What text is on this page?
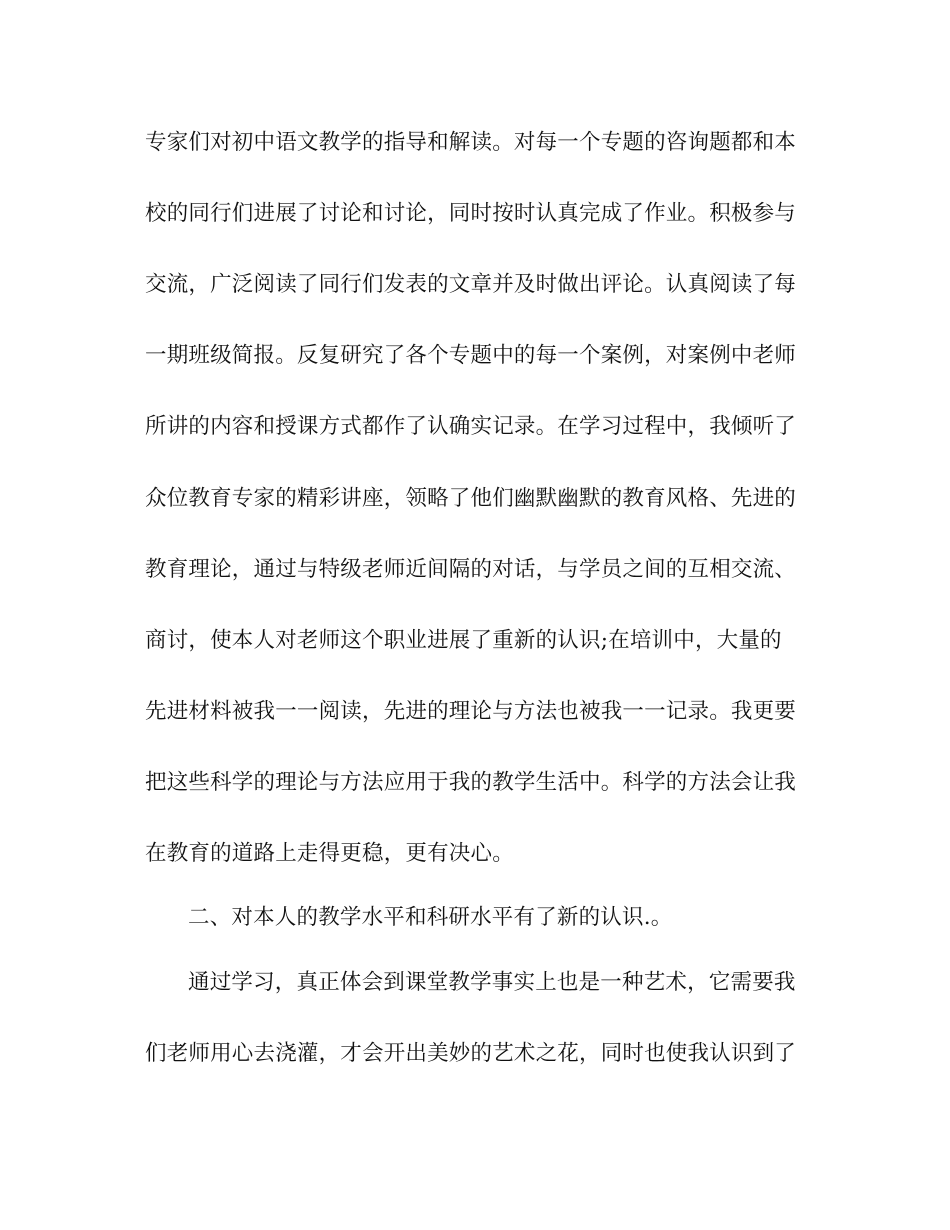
专家们对初中语文教学的指导和解读。对每一个专题的咨询题都和本
校的同行们进展了讨论和讨论，同时按时认真完成了作业。积极参与
交流，广泛阅读了同行们发表的文章并及时做出评论。认真阅读了每
一期班级简报。反复研究了各个专题中的每一个案例，对案例中老师
所讲的内容和授课方式都作了认确实记录。在学习过程中，我倾听了
众位教育专家的精彩讲座，领略了他们幽默幽默的教育风格、先进的
教育理论，通过与特级老师近间隔的对话，与学员之间的互相交流、
商讨，使本人对老师这个职业进展了重新的认识;在培训中，大量的
先进材料被我一一阅读，先进的理论与方法也被我一一记录。我更要
把这些科学的理论与方法应用于我的教学生活中。科学的方法会让我
在教育的道路上走得更稳，更有决心。
二、对本人的教学水平和科研水平有了新的认识.。
通过学习，真正体会到课堂教学事实上也是一种艺术，它需要我
们老师用心去浇灌，才会开出美妙的艺术之花，同时也使我认识到了
